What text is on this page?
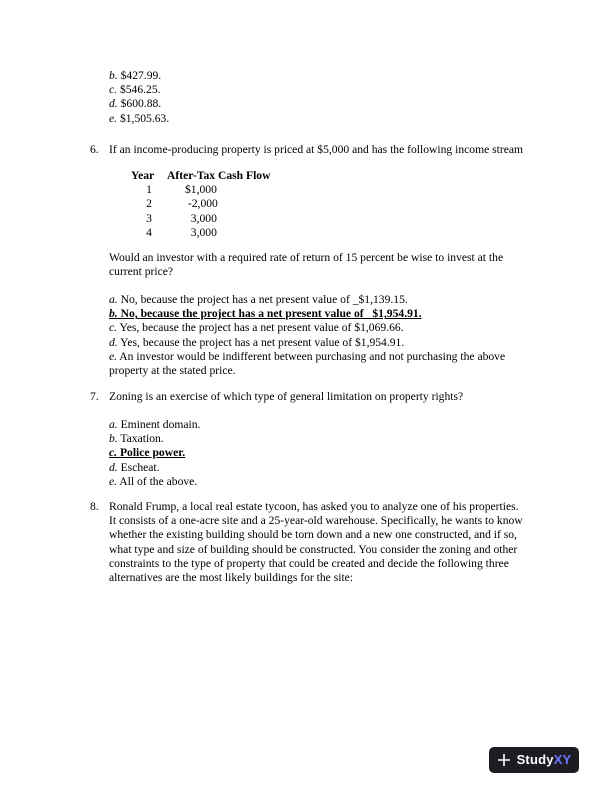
b. $427.99.
c. $546.25.
d. $600.88.
e. $1,505.63.
6. If an income-producing property is priced at $5,000 and has the following income stream
Year	After-Tax Cash Flow
1	$1,000
2	-2,000
3	3,000
4	3,000
Would an investor with a required rate of return of 15 percent be wise to invest at the
current price?
a. No, because the project has a net present value of _$1,139.15.
b. No, because the project has a net present value of   $1,954.91.
c. Yes, because the project has a net present value of $1,069.66.
d. Yes, because the project has a net present value of $1,954.91.
e. An investor would be indifferent between purchasing and not purchasing the above
property at the stated price.
7. Zoning is an exercise of which type of general limitation on property rights?
a. Eminent domain.
b. Taxation.
c. Police power.
d. Escheat.
e. All of the above.
8. Ronald Frump, a local real estate tycoon, has asked you to analyze one of his properties.
It consists of a one-acre site and a 25-year-old warehouse. Specifically, he wants to know
whether the existing building should be torn down and a new one constructed, and if so,
what type and size of building should be constructed. You consider the zoning and other
constraints to the type of property that could be created and decide the following three
alternatives are the most likely buildings for the site:
StudyXY
